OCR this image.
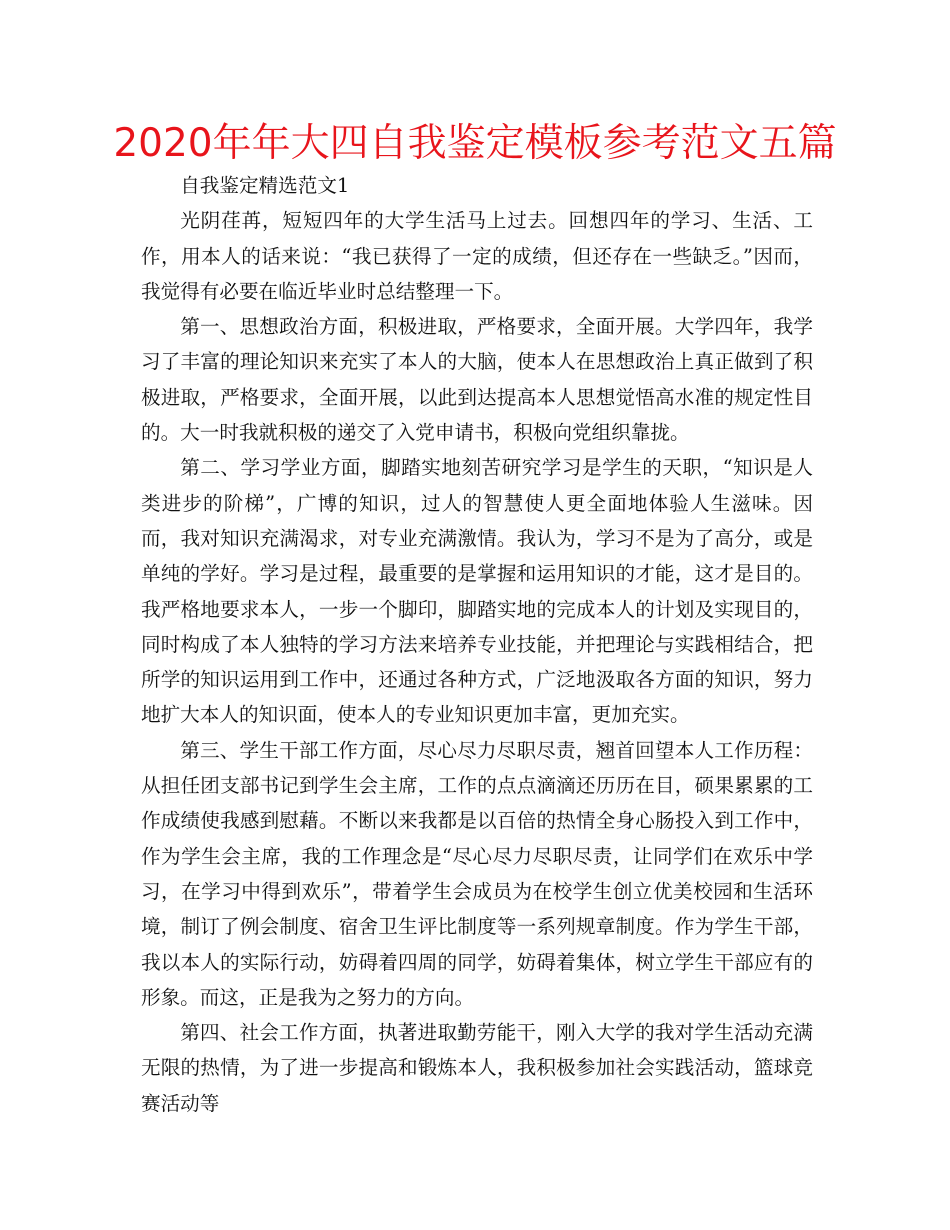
2020年年大四自我鉴定模板参考范文五篇

自我鉴定精选范文1

光阴荏苒，短短四年的大学生活马上过去。回想四年的学习、生活、工作，用本人的话来说：“我已获得了一定的成绩，但还存在一些缺乏。”因而，我觉得有必要在临近毕业时总结整理一下。

第一、思想政治方面，积极进取，严格要求，全面开展。大学四年，我学习了丰富的理论知识来充实了本人的大脑，使本人在思想政治上真正做到了积极进取，严格要求，全面开展，以此到达提高本人思想觉悟高水准的规定性目的。大一时我就积极的递交了入党申请书，积极向党组织靠拢。

第二、学习学业方面，脚踏实地刻苦研究学习是学生的天职，“知识是人类进步的阶梯”，广博的知识，过人的智慧使人更全面地体验人生滋味。因而，我对知识充满渴求，对专业充满激情。我认为，学习不是为了高分，或是单纯的学好。学习是过程，最重要的是掌握和运用知识的才能，这才是目的。我严格地要求本人，一步一个脚印，脚踏实地的完成本人的计划及实现目的，同时构成了本人独特的学习方法来培养专业技能，并把理论与实践相结合，把所学的知识运用到工作中，还通过各种方式，广泛地汲取各方面的知识，努力地扩大本人的知识面，使本人的专业知识更加丰富，更加充实。

第三、学生干部工作方面，尽心尽力尽职尽责，翘首回望本人工作历程：从担任团支部书记到学生会主席，工作的点点滴滴还历历在目，硕果累累的工作成绩使我感到慰藉。不断以来我都是以百倍的热情全身心肠投入到工作中，作为学生会主席，我的工作理念是“尽心尽力尽职尽责，让同学们在欢乐中学习，在学习中得到欢乐”，带着学生会成员为在校学生创立优美校园和生活环境，制订了例会制度、宿舍卫生评比制度等一系列规章制度。作为学生干部，我以本人的实际行动，妨碍着四周的同学，妨碍着集体，树立学生干部应有的形象。而这，正是我为之努力的方向。

第四、社会工作方面，执著进取勤劳能干，刚入大学的我对学生活动充满无限的热情，为了进一步提高和锻炼本人，我积极参加社会实践活动，篮球竞赛活动等
